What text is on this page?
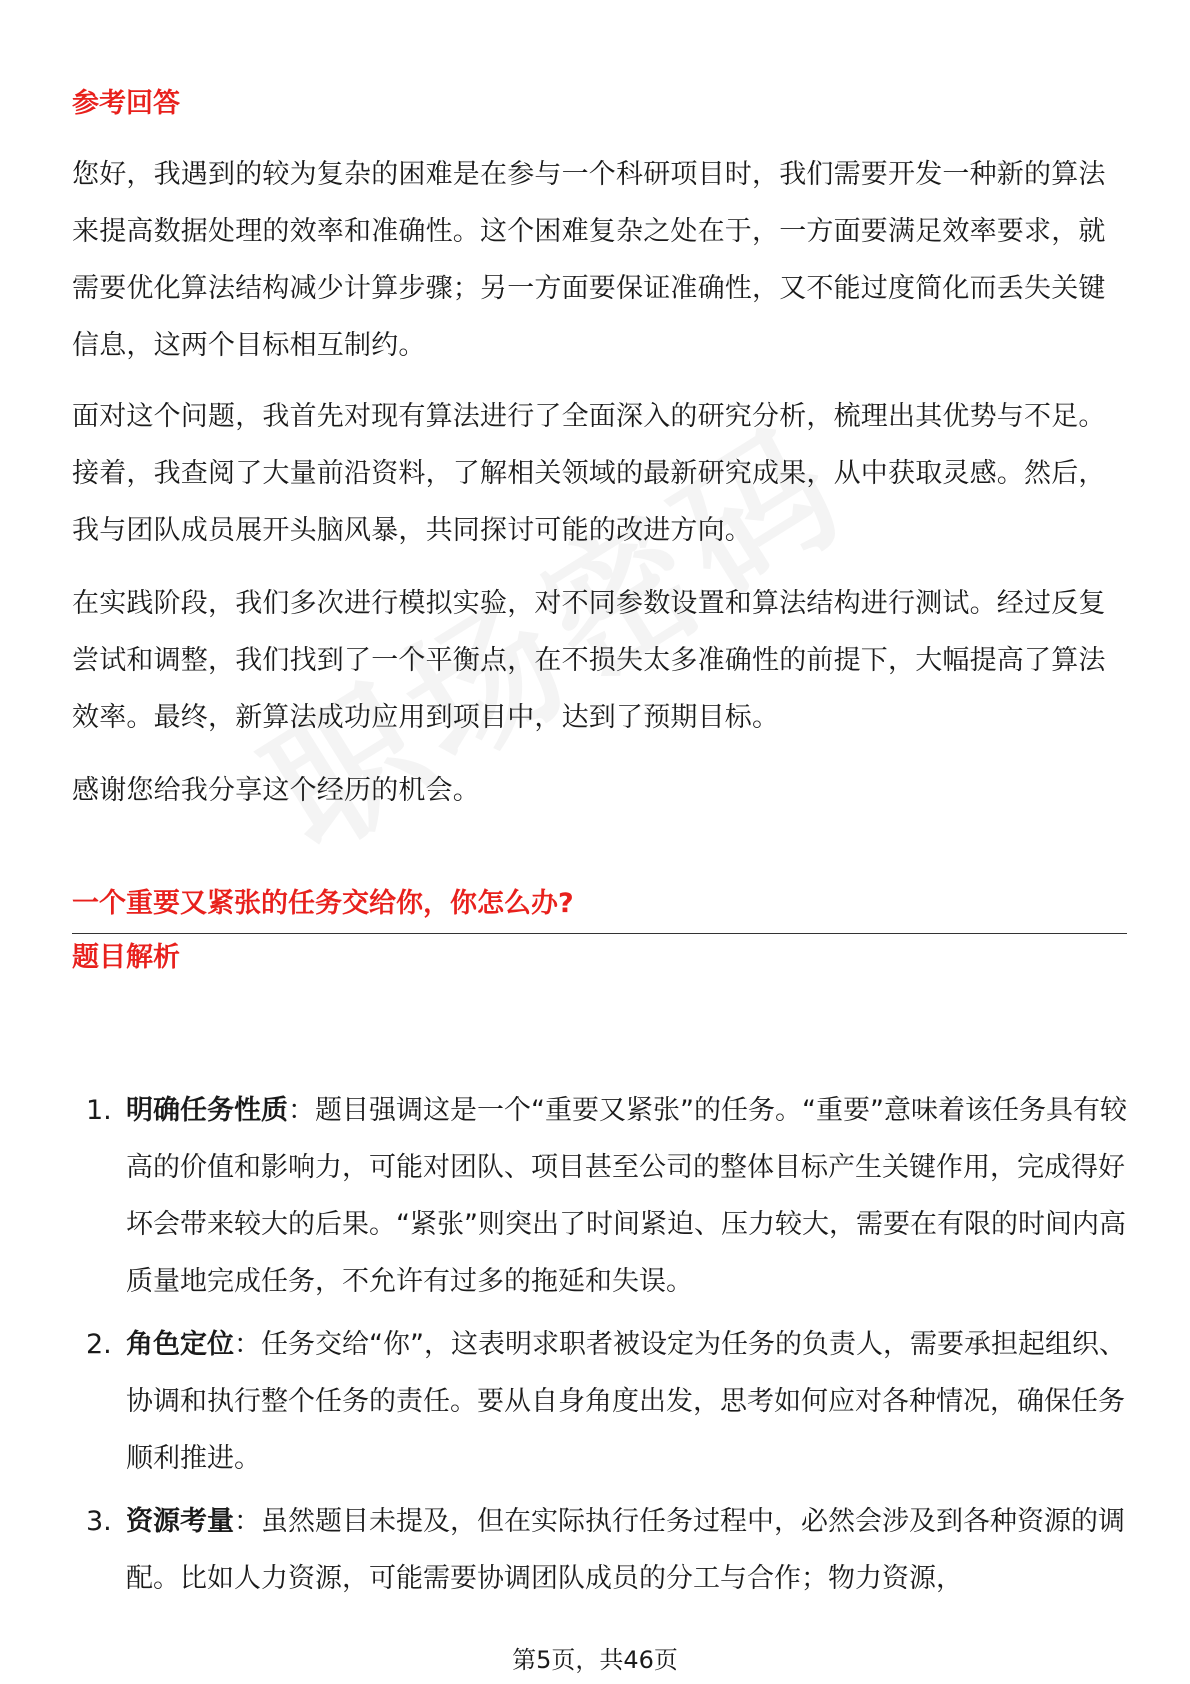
参考回答

您好，我遇到的较为复杂的困难是在参与一个科研项目时，我们需要开发一种新的算法来提高数据处理的效率和准确性。这个困难复杂之处在于，一方面要满足效率要求，就需要优化算法结构减少计算步骤；另一方面要保证准确性，又不能过度简化而丢失关键信息，这两个目标相互制约。

面对这个问题，我首先对现有算法进行了全面深入的研究分析，梳理出其优势与不足。接着，我查阅了大量前沿资料，了解相关领域的最新研究成果，从中获取灵感。然后，我与团队成员展开头脑风暴，共同探讨可能的改进方向。

在实践阶段，我们多次进行模拟实验，对不同参数设置和算法结构进行测试。经过反复尝试和调整，我们找到了一个平衡点，在不损失太多准确性的前提下，大幅提高了算法效率。最终，新算法成功应用到项目中，达到了预期目标。

感谢您给我分享这个经历的机会。

一个重要又紧张的任务交给你，你怎么办?
题目解析
1. 明确任务性质：题目强调这是一个“重要又紧张”的任务。“重要”意味着该任务具有较高的价值和影响力，可能对团队、项目甚至公司的整体目标产生关键作用，完成得好坏会带来较大的后果。“紧张”则突出了时间紧迫、压力较大，需要在有限的时间内高质量地完成任务，不允许有过多的拖延和失误。
2. 角色定位：任务交给“你”，这表明求职者被设定为任务的负责人，需要承担起组织、协调和执行整个任务的责任。要从自身角度出发，思考如何应对各种情况，确保任务顺利推进。
3. 资源考量：虽然题目未提及，但在实际执行任务过程中，必然会涉及到各种资源的调配。比如人力资源，可能需要协调团队成员的分工与合作；物力资源，
第5页，共46页
